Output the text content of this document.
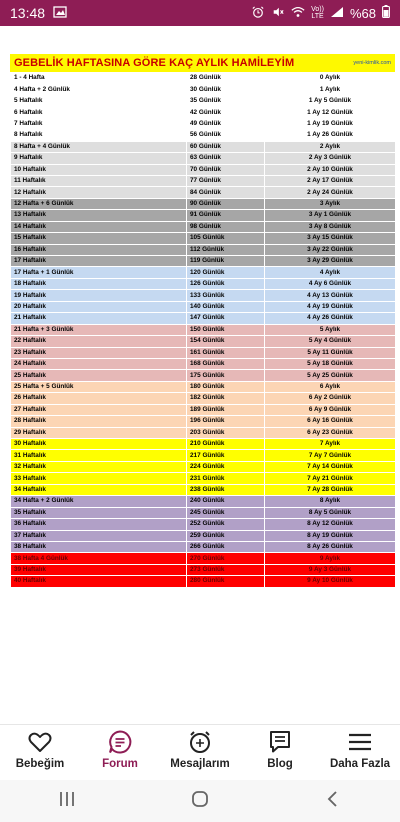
13:48	Vo))
LTE %68
GEBELİK HAFTASINA GÖRE KAÇ AYLIK HAMİLEYİM	yeni-kimlik.com
1 - 4 Hafta	28 Günlük	0 Aylık
4 Hafta + 2 Günlük	30 Günlük	1 Aylık
5 Haftalık	35 Günlük	1 Ay 5 Günlük
6 Haftalık	42 Günlük	1 Ay 12 Günlük
7 Haftalık	49 Günlük	1 Ay 19 Günlük
8 Haftalık	56 Günlük	1 Ay 26 Günlük
8 Hafta + 4 Günlük	60 Günlük	2 Aylık
9 Haftalık	63 Günlük	2 Ay 3 Günlük
10 Haftalık	70 Günlük	2 Ay 10 Günlük
11 Haftalık	77 Günlük	2 Ay 17 Günlük
12 Haftalık	84 Günlük	2 Ay 24 Günlük
12 Hafta + 6 Günlük	90 Günlük	3 Aylık
13 Haftalık	91 Günlük	3 Ay 1 Günlük
14 Haftalık	98 Günlük	3 Ay 8 Günlük
15 Haftalık	105 Günlük	3 Ay 15 Günlük
16 Haftalık	112 Günlük	3 Ay 22 Günlük
17 Haftalık	119 Günlük	3 Ay 29 Günlük
17 Hafta + 1 Günlük	120 Günlük	4 Aylık
18 Haftalık	126 Günlük	4 Ay 6 Günlük
19 Haftalık	133 Günlük	4 Ay 13 Günlük
20 Haftalık	140 Günlük	4 Ay 19 Günlük
21 Haftalık	147 Günlük	4 Ay 26 Günlük
21 Hafta + 3 Günlük	150 Günlük	5 Aylık
22 Haftalık	154 Günlük	5 Ay 4 Günlük
23 Haftalık	161 Günlük	5 Ay 11 Günlük
24 Haftalık	168 Günlük	5 Ay 18 Günlük
25 Haftalık	175 Günlük	5 Ay 25 Günlük
25 Hafta + 5 Günlük	180 Günlük	6 Aylık
26 Haftalık	182 Günlük	6 Ay 2 Günlük
27 Haftalık	189 Günlük	6 Ay 9 Günlük
28 Haftalık	196 Günlük	6 Ay 16 Günlük
29 Haftalık	203 Günlük	6 Ay 23 Günlük
30 Haftalık	210 Günlük	7 Aylık
31 Haftalık	217 Günlük	7 Ay 7 Günlük
32 Haftalık	224 Günlük	7 Ay 14 Günlük
33 Haftalık	231 Günlük	7 Ay 21 Günlük
34 Haftalık	238 Günlük	7 Ay 28 Günlük
34 Hafta + 2 Günlük	240 Günlük	8 Aylık
35 Haftalık	245 Günlük	8 Ay 5 Günlük
36 Haftalık	252 Günlük	8 Ay 12 Günlük
37 Haftalık	259 Günlük	8 Ay 19 Günlük
38 Haftalık	266 Günlük	8 Ay 26 Günlük
38 Hafta 4 Günlük	270 Günlük	9 Aylık
39 Haftalık	273 Günlük	9 Ay 3 Günlük
40 Haftalık	280 Günlük	9 Ay 10 Günlük
Bebeğim	Forum	Mesajlarım	Blog	Daha Fazla
